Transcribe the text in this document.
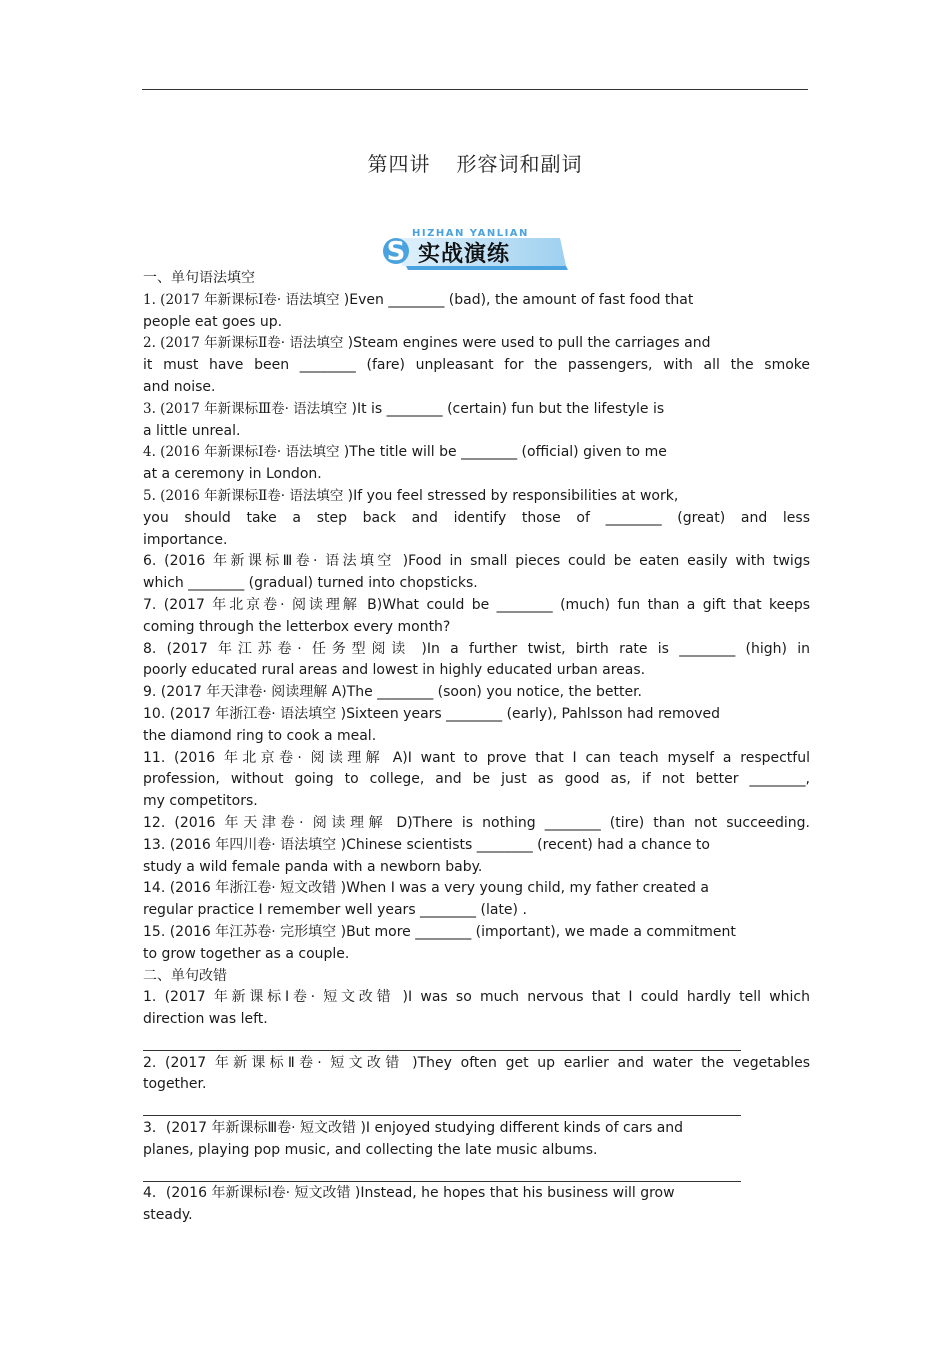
第四讲 形容词和副词
HIZHAN YANLIAN
S 实战演练
一、单句语法填空
1. (2017 年新课标Ⅰ卷· 语法填空 )Even ________ (bad), the amount of fast food that
people eat goes up.
2. (2017 年新课标Ⅱ卷· 语法填空 )Steam engines were used to pull the carriages and
it must have been ________ (fare) unpleasant for the passengers, with all the smoke
and noise.
3. (2017 年新课标Ⅲ卷· 语法填空 )It is ________ (certain) fun but the lifestyle is
a little unreal.
4. (2016 年新课标Ⅰ卷· 语法填空 )The title will be ________ (official) given to me
at a ceremony in London.
5. (2016 年新课标Ⅱ卷· 语法填空 )If you feel stressed by responsibilities at work,
you should take a step back and identify those of ________ (great) and less
importance.
6. (2016 年新课标Ⅲ卷· 语法填空 )Food in small pieces could be eaten easily with twigs
which ________ (gradual) turned into chopsticks.
7. (2017 年北京卷· 阅读理解 B)What could be ________ (much) fun than a gift that keeps
coming through the letterbox every month?
8. (2017 年江苏卷· 任务型阅读 )In a further twist, birth rate is ________ (high) in
poorly educated rural areas and lowest in highly educated urban areas.
9. (2017 年天津卷· 阅读理解 A)The ________ (soon) you notice, the better.
10. (2017 年浙江卷· 语法填空 )Sixteen years ________ (early), Pahlsson had removed
the diamond ring to cook a meal.
11. (2016 年北京卷· 阅读理解 A)I want to prove that I can teach myself a respectful
profession, without going to college, and be just as good as, if not better ________,
my competitors.
12. (2016 年天津卷· 阅读理解 D)There is nothing ________ (tire) than not succeeding.
13. (2016 年四川卷· 语法填空 )Chinese scientists ________ (recent) had a chance to
study a wild female panda with a newborn baby.
14. (2016 年浙江卷· 短文改错 )When I was a very young child, my father created a
regular practice I remember well years ________ (late) .
15. (2016 年江苏卷· 完形填空 )But more ________ (important), we made a commitment
to grow together as a couple.
二、单句改错
1. (2017 年新课标Ⅰ卷· 短文改错 )I was so much nervous that I could hardly tell which
direction was left.
2. (2017 年新课标Ⅱ卷· 短文改错 )They often get up earlier and water the vegetables
together.
3．(2017 年新课标Ⅲ卷· 短文改错 )I enjoyed studying different kinds of cars and
planes, playing pop music, and collecting the late music albums.
4．(2016 年新课标Ⅰ卷· 短文改错 )Instead, he hopes that his business will grow
steady.
